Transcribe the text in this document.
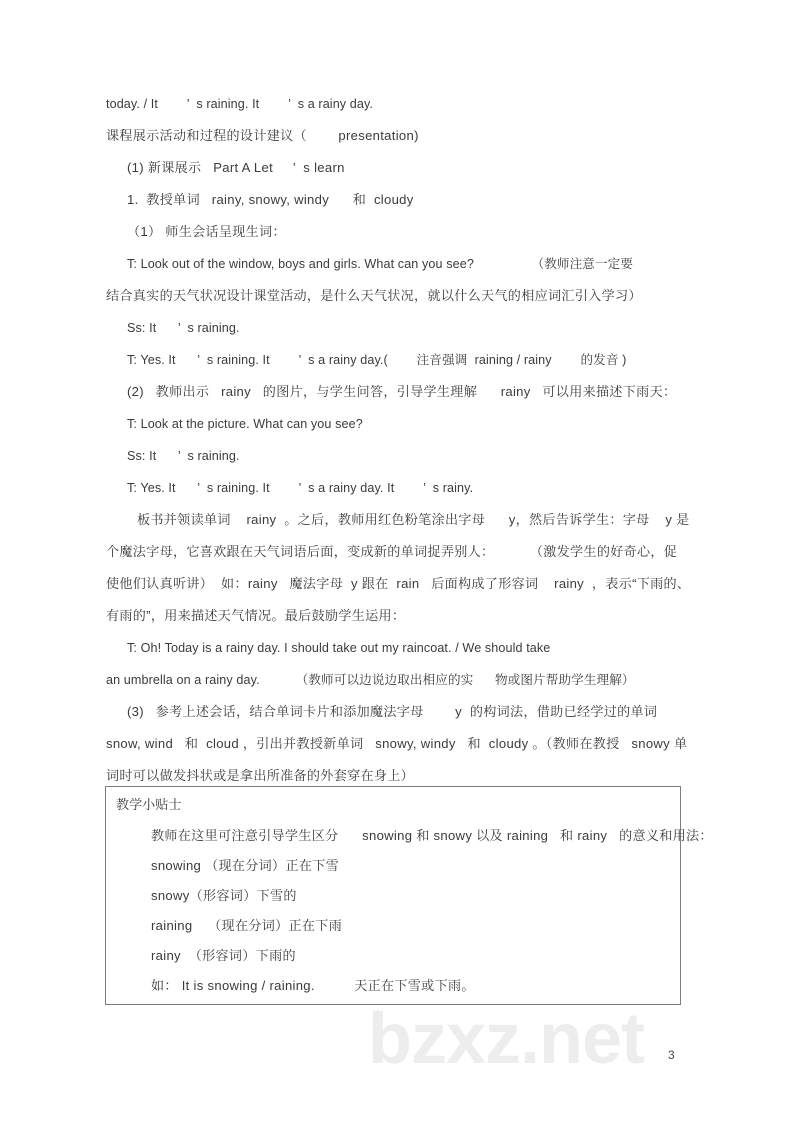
today. / It        ’  s raining. It        ’  s a rainy day.
课程展示活动和过程的设计建议（        presentation)
(1) 新课展示   Part A Let     ’  s learn
1.  教授单词   rainy, snowy, windy      和  cloudy
（1） 师生会话呈现生词：
T: Look out of the window, boys and girls. What can you see?                （教师注意一定要
结合真实的天气状况设计课堂活动，是什么天气状况，就以什么天气的相应词汇引入学习）
Ss: It      ’  s raining.
T: Yes. It      ’  s raining. It        ’  s a rainy day.(        注音强调  raining / rainy        的发音 )
(2)   教师出示   rainy   的图片，与学生问答，引导学生理解      rainy   可以用来描述下雨天：
T: Look at the picture. What can you see?
Ss: It      ’  s raining.
T: Yes. It      ’  s raining. It        ’  s a rainy day. It        ’  s rainy.
板书并领读单词    rainy  。之后，教师用红色粉笔涂出字母      y，然后告诉学生：字母    y 是
个魔法字母，它喜欢跟在天气词语后面，变成新的单词捉弄别人：         （激发学生的好奇心，促
使他们认真听讲）  如：rainy   魔法字母  y 跟在  rain   后面构成了形容词    rainy  ，表示“下雨的、
有雨的”，用来描述天气情况。最后鼓励学生运用：
T: Oh! Today is a rainy day. I should take out my raincoat. / We should take
an umbrella on a rainy day.          （教师可以边说边取出相应的实      物或图片帮助学生理解）
(3)   参考上述会话，结合单词卡片和添加魔法字母        y  的构词法，借助已经学过的单词
snow, wind   和  cloud ，引出并教授新单词   snowy, windy   和  cloudy 。（教师在教授   snowy 单
词时可以做发抖状或是拿出所准备的外套穿在身上）
教学小贴士
教师在这里可注意引导学生区分      snowing 和 snowy 以及 raining   和 rainy   的意义和用法：
snowing （现在分词）正在下雪
snowy（形容词）下雪的
raining    （现在分词）正在下雨
rainy  （形容词）下雨的
如： It is snowing / raining.          天正在下雪或下雨。
bzxz.net 3
